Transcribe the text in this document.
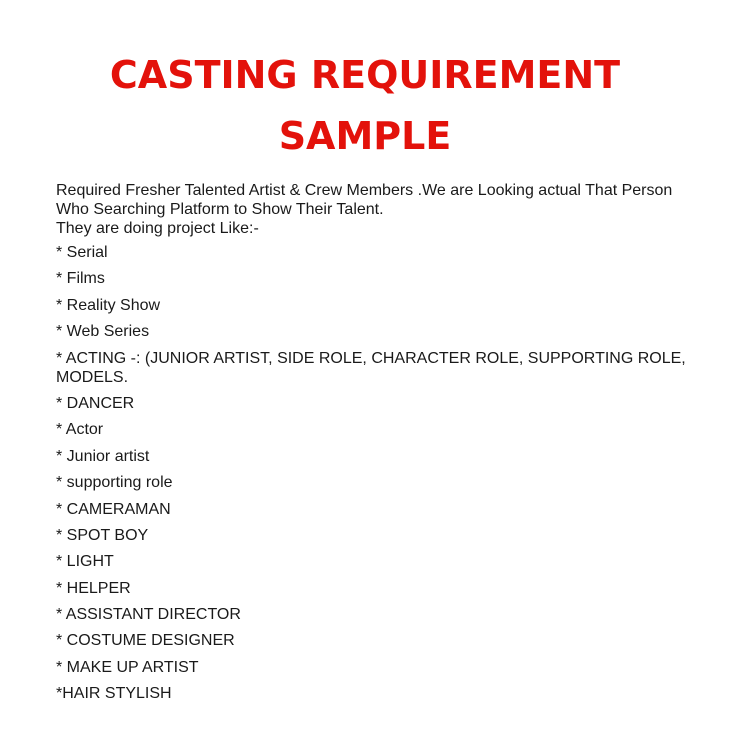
CASTING REQUIREMENT
SAMPLE

Required Fresher Talented Artist & Crew Members .We are Looking actual That Person Who Searching Platform to Show Their Talent.

They are doing project Like:-

* Serial
* Films
* Reality Show
* Web Series
* ACTING -: (JUNIOR ARTIST, SIDE ROLE, CHARACTER ROLE, SUPPORTING ROLE, MODELS.
* DANCER
* Actor
* Junior artist
* supporting role
* CAMERAMAN
* SPOT BOY
* LIGHT
* HELPER
* ASSISTANT DIRECTOR
* COSTUME DESIGNER
* MAKE UP ARTIST
*HAIR STYLISH
